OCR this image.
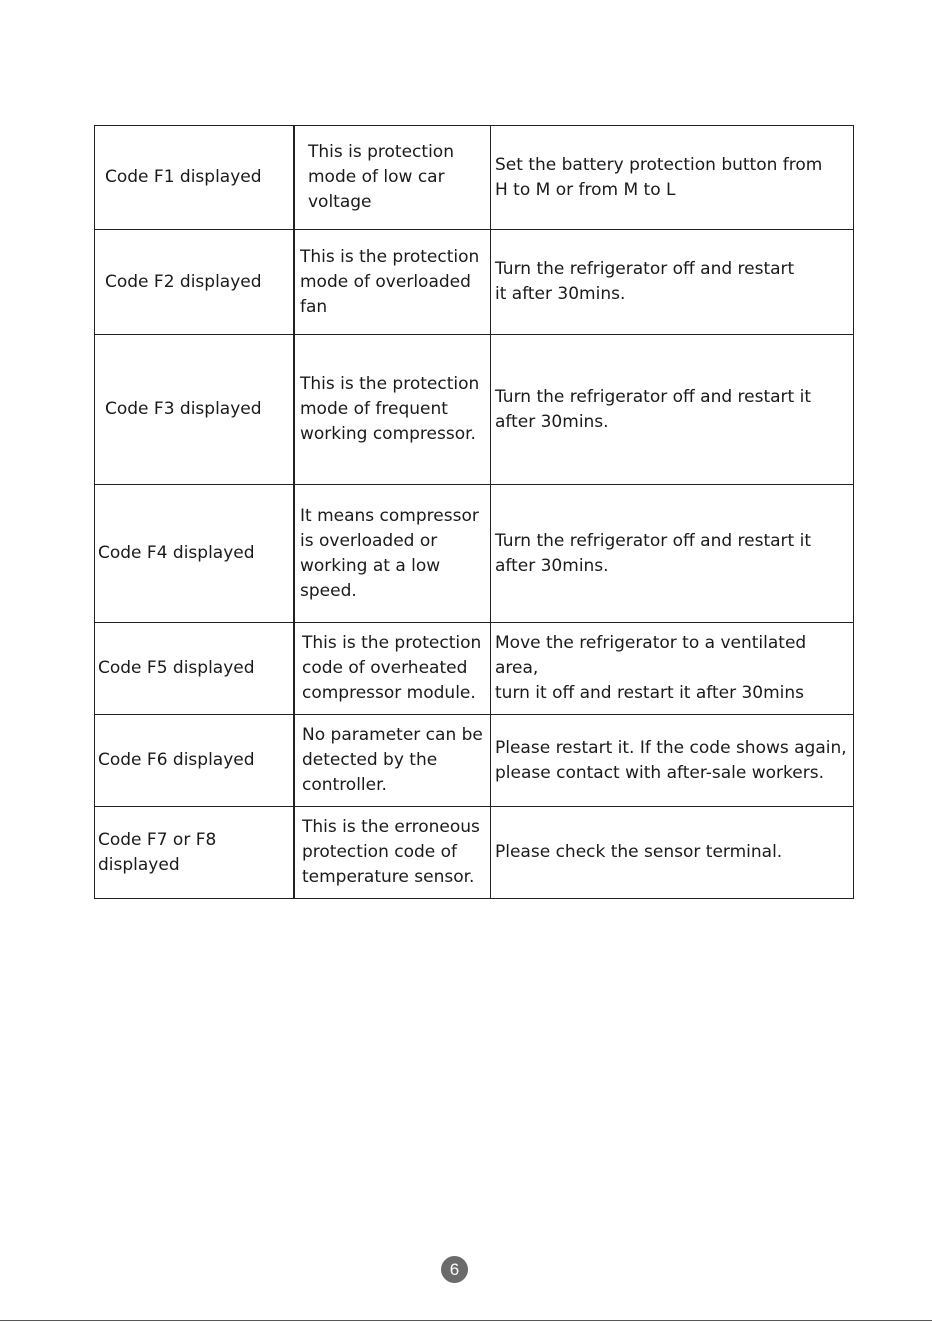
Code F1 displayed	This is protection
mode of low car
voltage	Set the battery protection button from
H to M or from M to L

Code F2 displayed	This is the protection
mode of overloaded
fan	Turn the refrigerator off and restart
it after 30mins.

Code F3 displayed	This is the protection
mode of frequent
working compressor.	Turn the refrigerator off and restart it
after 30mins.

Code F4 displayed	It means compressor
is overloaded or
working at a low
speed.	Turn the refrigerator off and restart it
after 30mins.

Code F5 displayed	This is the protection
code of overheated
compressor module.	Move the refrigerator to a ventilated area,
turn it off and restart it after 30mins

Code F6 displayed	No parameter can be
detected by the
controller.	Please restart it. If the code shows again,
please contact with after-sale workers.

Code F7 or F8
displayed	This is the erroneous
protection code of
temperature sensor.	Please check the sensor terminal.
6
